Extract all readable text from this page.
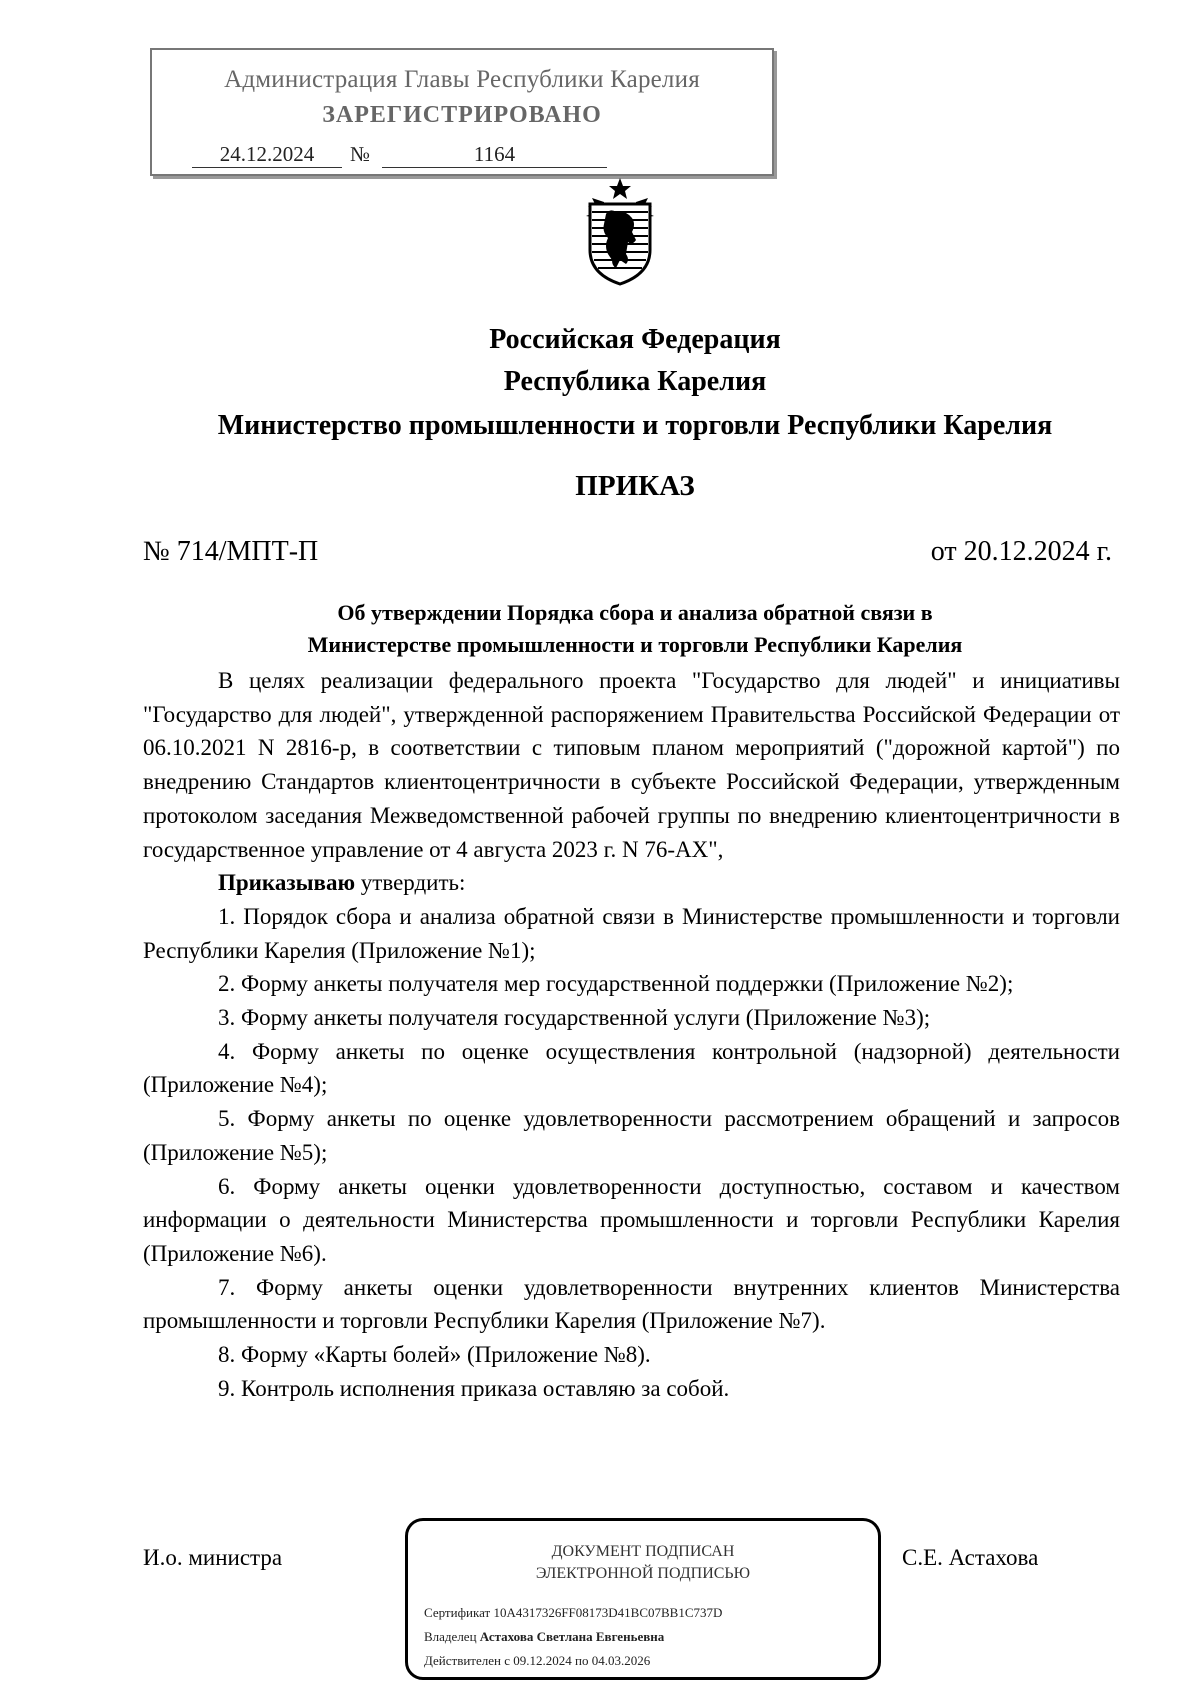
Администрация Главы Республики Карелия
ЗАРЕГИСТРИРОВАНО
24.12.2024	№	1164
Российская Федерация
Республика Карелия
Министерство промышленности и торговли Республики Карелия
ПРИКАЗ
№ 714/МПТ-П	от 20.12.2024 г.
Об утверждении Порядка сбора и анализа обратной связи в
Министерстве промышленности и торговли Республики Карелия

В целях реализации федерального проекта "Государство для людей" и инициативы "Государство для людей", утвержденной распоряжением Правительства Российской Федерации от 06.10.2021 N 2816-р, в соответствии с типовым планом мероприятий ("дорожной картой") по внедрению Стандартов клиентоцентричности в субъекте Российской Федерации, утвержденным протоколом заседания Межведомственной рабочей группы по внедрению клиентоцентричности в государственное управление от 4 августа 2023 г. N 76-АХ",

Приказываю утвердить:

1. Порядок сбора и анализа обратной связи в Министерстве промышленности и торговли Республики Карелия (Приложение №1);

2. Форму анкеты получателя мер государственной поддержки (Приложение №2);

3. Форму анкеты получателя государственной услуги (Приложение №3);

4. Форму анкеты по оценке осуществления контрольной (надзорной) деятельности (Приложение №4);

5. Форму анкеты по оценке удовлетворенности рассмотрением обращений и запросов (Приложение №5);

6. Форму анкеты оценки удовлетворенности доступностью, составом и качеством информации о деятельности Министерства промышленности и торговли Республики Карелия (Приложение №6).

7. Форму анкеты оценки удовлетворенности внутренних клиентов Министерства промышленности и торговли Республики Карелия (Приложение №7).

8. Форму «Карты болей» (Приложение №8).

9. Контроль исполнения приказа оставляю за собой.

И.о. министра	С.Е. Астахова
ДОКУМЕНТ ПОДПИСАН
ЭЛЕКТРОННОЙ ПОДПИСЬЮ
Сертификат 10A4317326FF08173D41BC07BB1C737D
Владелец Астахова Светлана Евгеньевна
Действителен с 09.12.2024 по 04.03.2026
